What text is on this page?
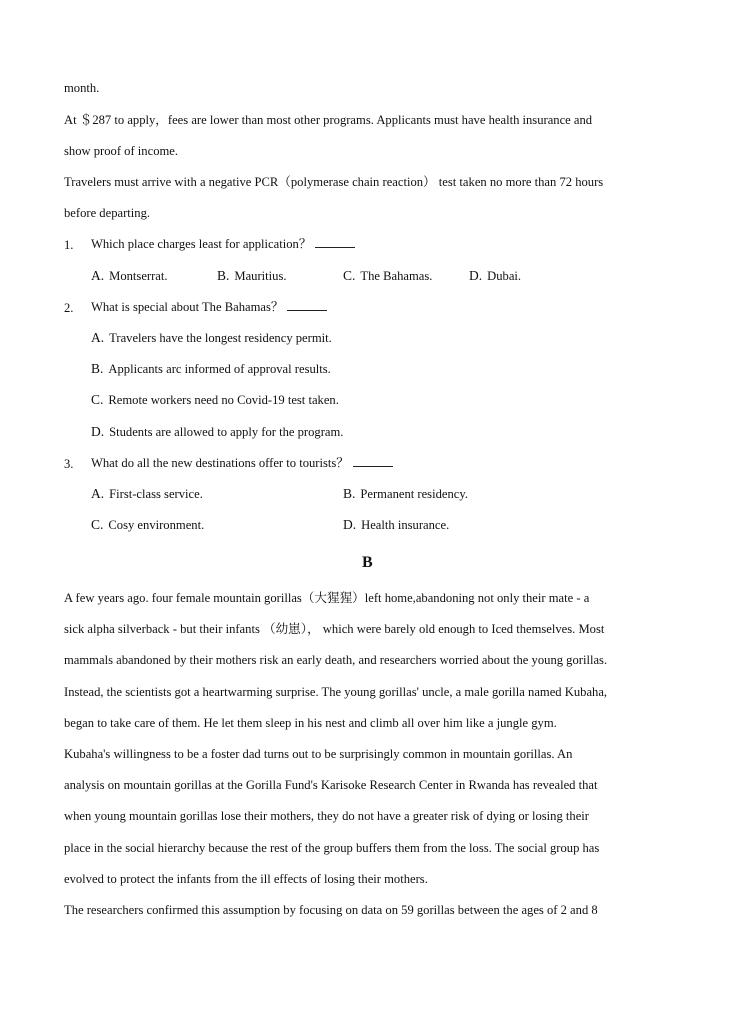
month.
At ＄287 to apply，fees are lower than most other programs. Applicants must have health insurance and
show proof of income.
Travelers must arrive with a negative PCR（polymerase chain reaction） test taken no more than 72 hours
before departing.
1. Which place charges least for application？
A. Montserrat.	B. Mauritius.	C. The Bahamas.	D. Dubai.
2. What is special about The Bahamas？
A. Travelers have the longest residency permit.
B. Applicants arc informed of approval results.
C. Remote workers need no Covid-19 test taken.
D. Students are allowed to apply for the program.
3. What do all the new destinations offer to tourists？
A. First-class service.	B. Permanent residency.
C. Cosy environment.	D. Health insurance.
B
A few years ago. four female mountain gorillas（大猩猩）left home,abandoning not only their mate - a
sick alpha silverback - but their infants （幼崽）， which were barely old enough to Iced themselves. Most
mammals abandoned by their mothers risk an early death, and researchers worried about the young gorillas.
Instead, the scientists got a heartwarming surprise. The young gorillas' uncle, a male gorilla named Kubaha,
began to take care of them. He let them sleep in his nest and climb all over him like a jungle gym.
Kubaha's willingness to be a foster dad turns out to be surprisingly common in mountain gorillas. An
analysis on mountain gorillas at the Gorilla Fund's Karisoke Research Center in Rwanda has revealed that
when young mountain gorillas lose their mothers, they do not have a greater risk of dying or losing their
place in the social hierarchy because the rest of the group buffers them from the loss. The social group has
evolved to protect the infants from the ill effects of losing their mothers.
The researchers confirmed this assumption by focusing on data on 59 gorillas between the ages of 2 and 8
